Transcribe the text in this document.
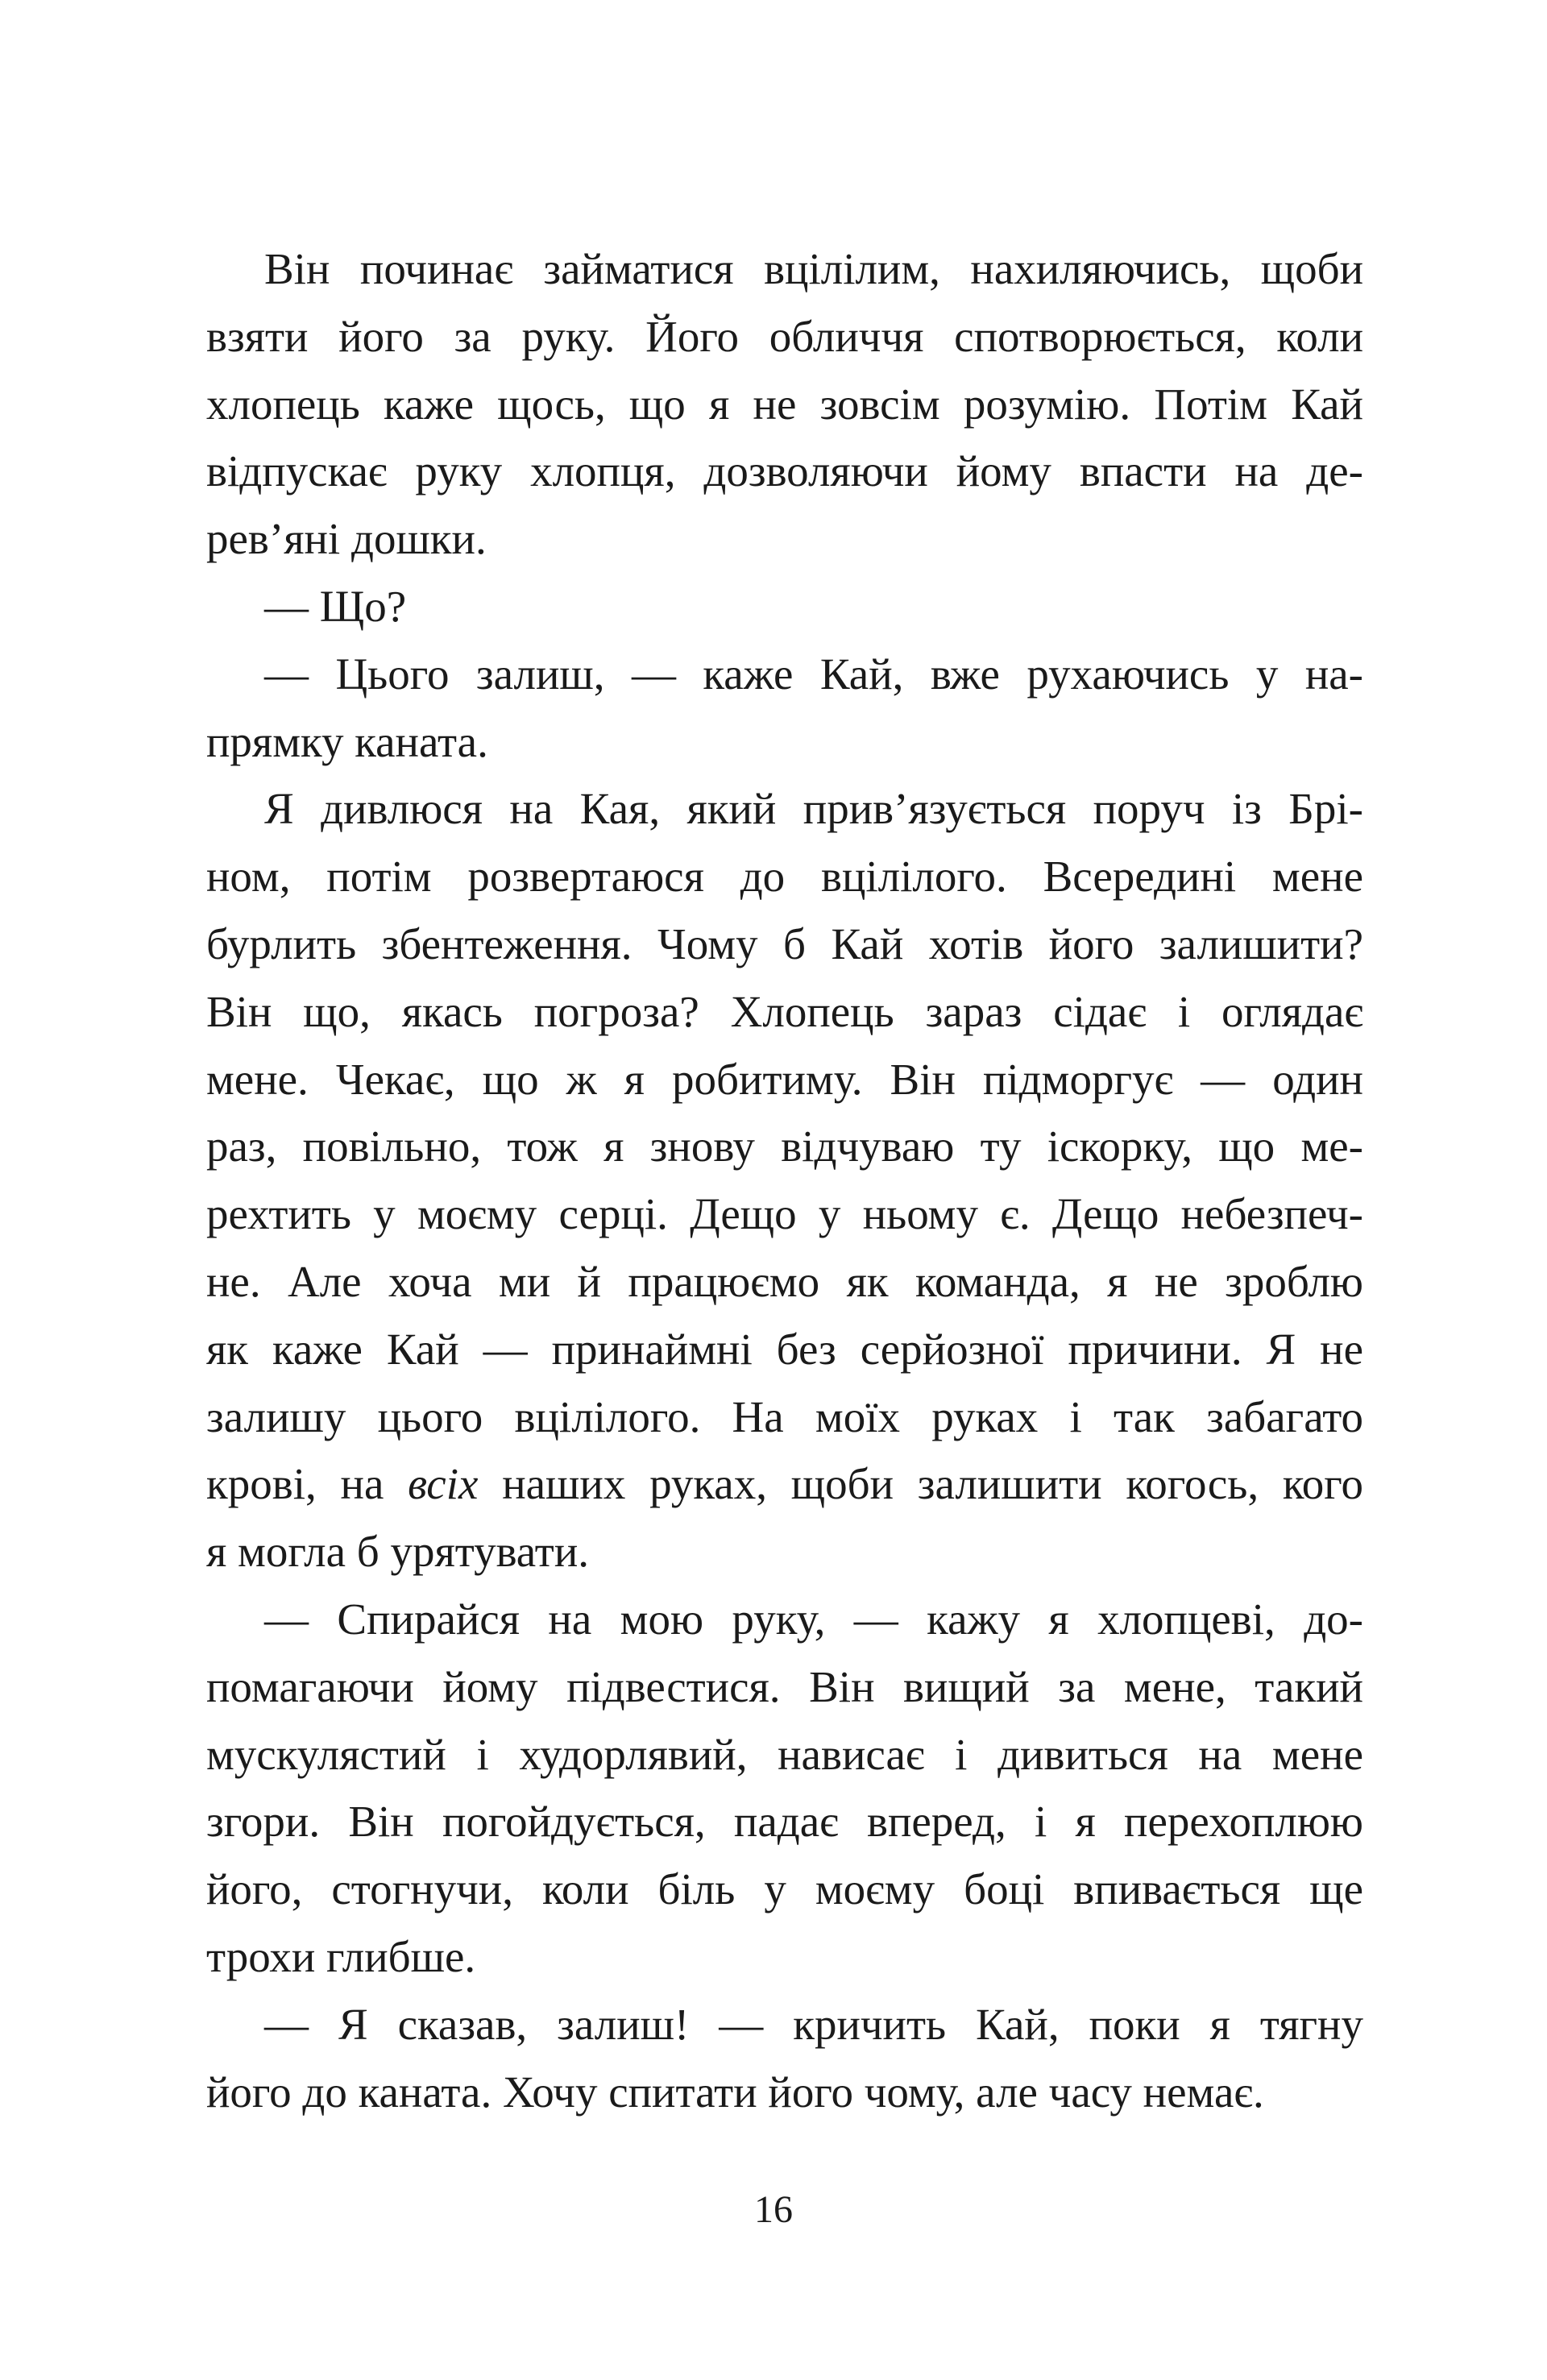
Він починає займатися вцілілим, нахиляючись, щоби
взяти його за руку. Його обличчя спотворюється, коли
хлопець каже щось, що я не зовсім розумію. Потім Кай
відпускає руку хлопця, дозволяючи йому впасти на де-
рев’яні дошки.
— Що?
— Цього залиш, — каже Кай, вже рухаючись у на-
прямку каната.
Я дивлюся на Кая, який прив’язується поруч із Брі-
ном, потім розвертаюся до вцілілого. Всередині мене
бурлить збентеження. Чому б Кай хотів його залишити?
Він що, якась погроза? Хлопець зараз сідає і оглядає
мене. Чекає, що ж я робитиму. Він підморгує — один
раз, повільно, тож я знову відчуваю ту іскорку, що ме-
рехтить у моєму серці. Дещо у ньому є. Дещо небезпеч-
не. Але хоча ми й працюємо як команда, я не зроблю
як каже Кай — принаймні без серйозної причини. Я не
залишу цього вцілілого. На моїх руках і так забагато
крові, на всіх наших руках, щоби залишити когось, кого
я могла б урятувати.
— Спирайся на мою руку, — кажу я хлопцеві, до-
помагаючи йому підвестися. Він вищий за мене, такий
мускулястий і худорлявий, нависає і дивиться на мене
згори. Він погойдується, падає вперед, і я перехоплюю
його, стогнучи, коли біль у моєму боці впивається ще
трохи глибше.
— Я сказав, залиш! — кричить Кай, поки я тягну
його до каната. Хочу спитати його чому, але часу немає.
16
